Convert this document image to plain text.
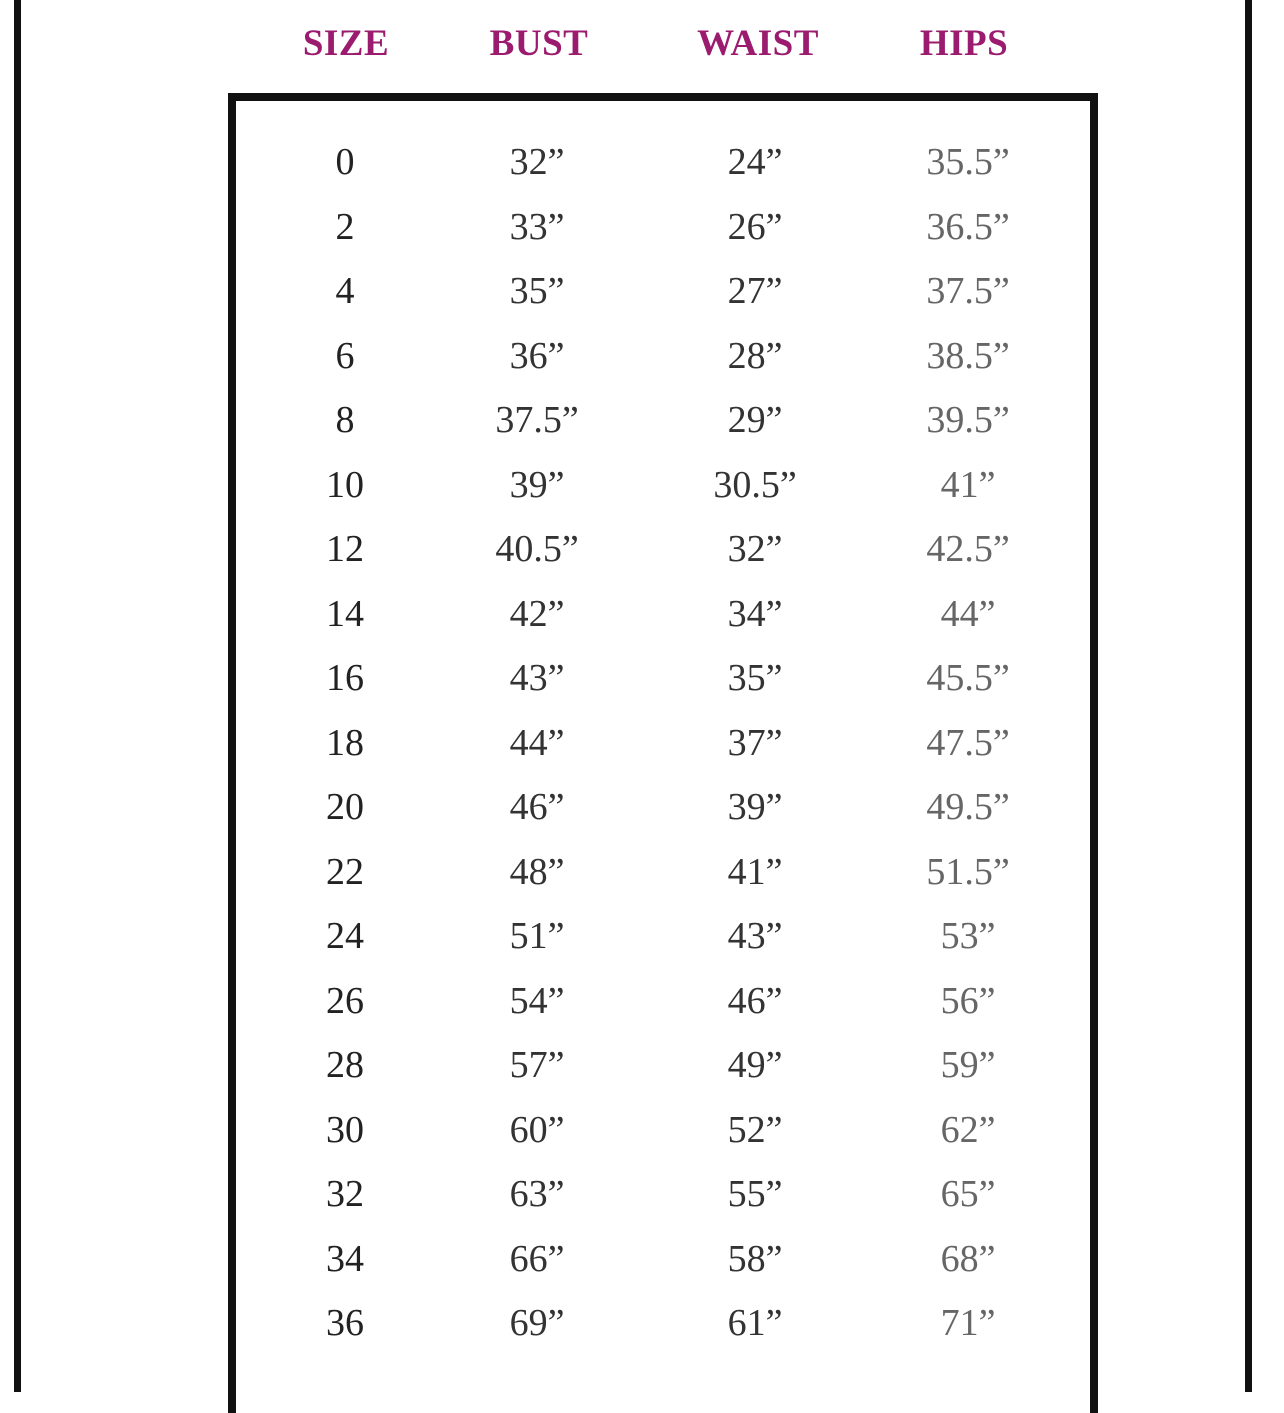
SIZE	BUST	WAIST	HIPS
0	32”	24”	35.5”
2	33”	26”	36.5”
4	35”	27”	37.5”
6	36”	28”	38.5”
8	37.5”	29”	39.5”
10	39”	30.5”	41”
12	40.5”	32”	42.5”
14	42”	34”	44”
16	43”	35”	45.5”
18	44”	37”	47.5”
20	46”	39”	49.5”
22	48”	41”	51.5”
24	51”	43”	53”
26	54”	46”	56”
28	57”	49”	59”
30	60”	52”	62”
32	63”	55”	65”
34	66”	58”	68”
36	69”	61”	71”
